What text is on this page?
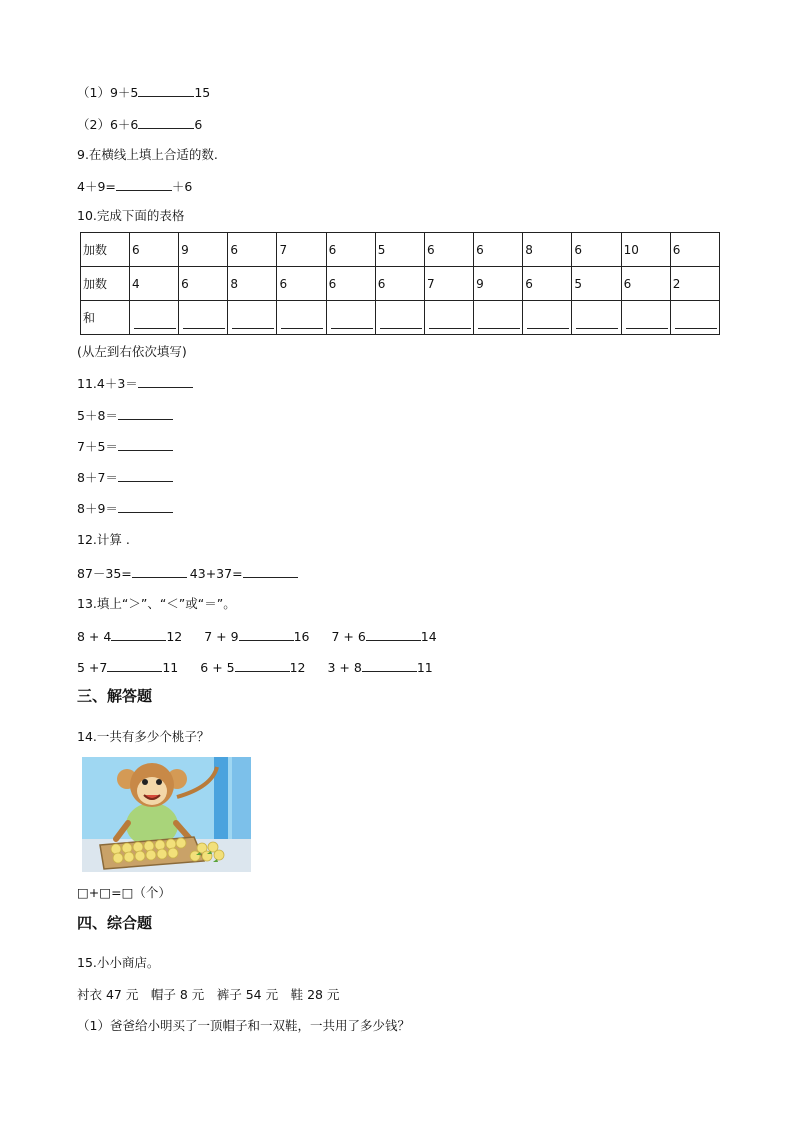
（1）9＋5	15
（2）6＋6	6
9.在横线上填上合适的数.
4＋9=	＋6
10.完成下面的表格
加数	6	9	6	7	6	5	6	6	8	6	10	6
加数	4	6	8	6	6	6	7	9	6	5	6	2
和												
(从左到右依次填写)
11.4＋3＝
5＋8＝
7＋5＝
8＋7＝
8＋9＝
12.计算 .
87－35=	43+37=
13.填上“＞”、“＜”或“＝”。
8 + 4	12 7 + 9	16 7 + 6	14
5 +7	11 6 + 5	12 3 + 8	11
三、解答题
14.一共有多少个桃子？
□+□=□（个）
四、综合题
15.小小商店。
衬衣 47 元　帽子 8 元　裤子 54 元　鞋 28 元
（1）爸爸给小明买了一顶帽子和一双鞋，一共用了多少钱？
